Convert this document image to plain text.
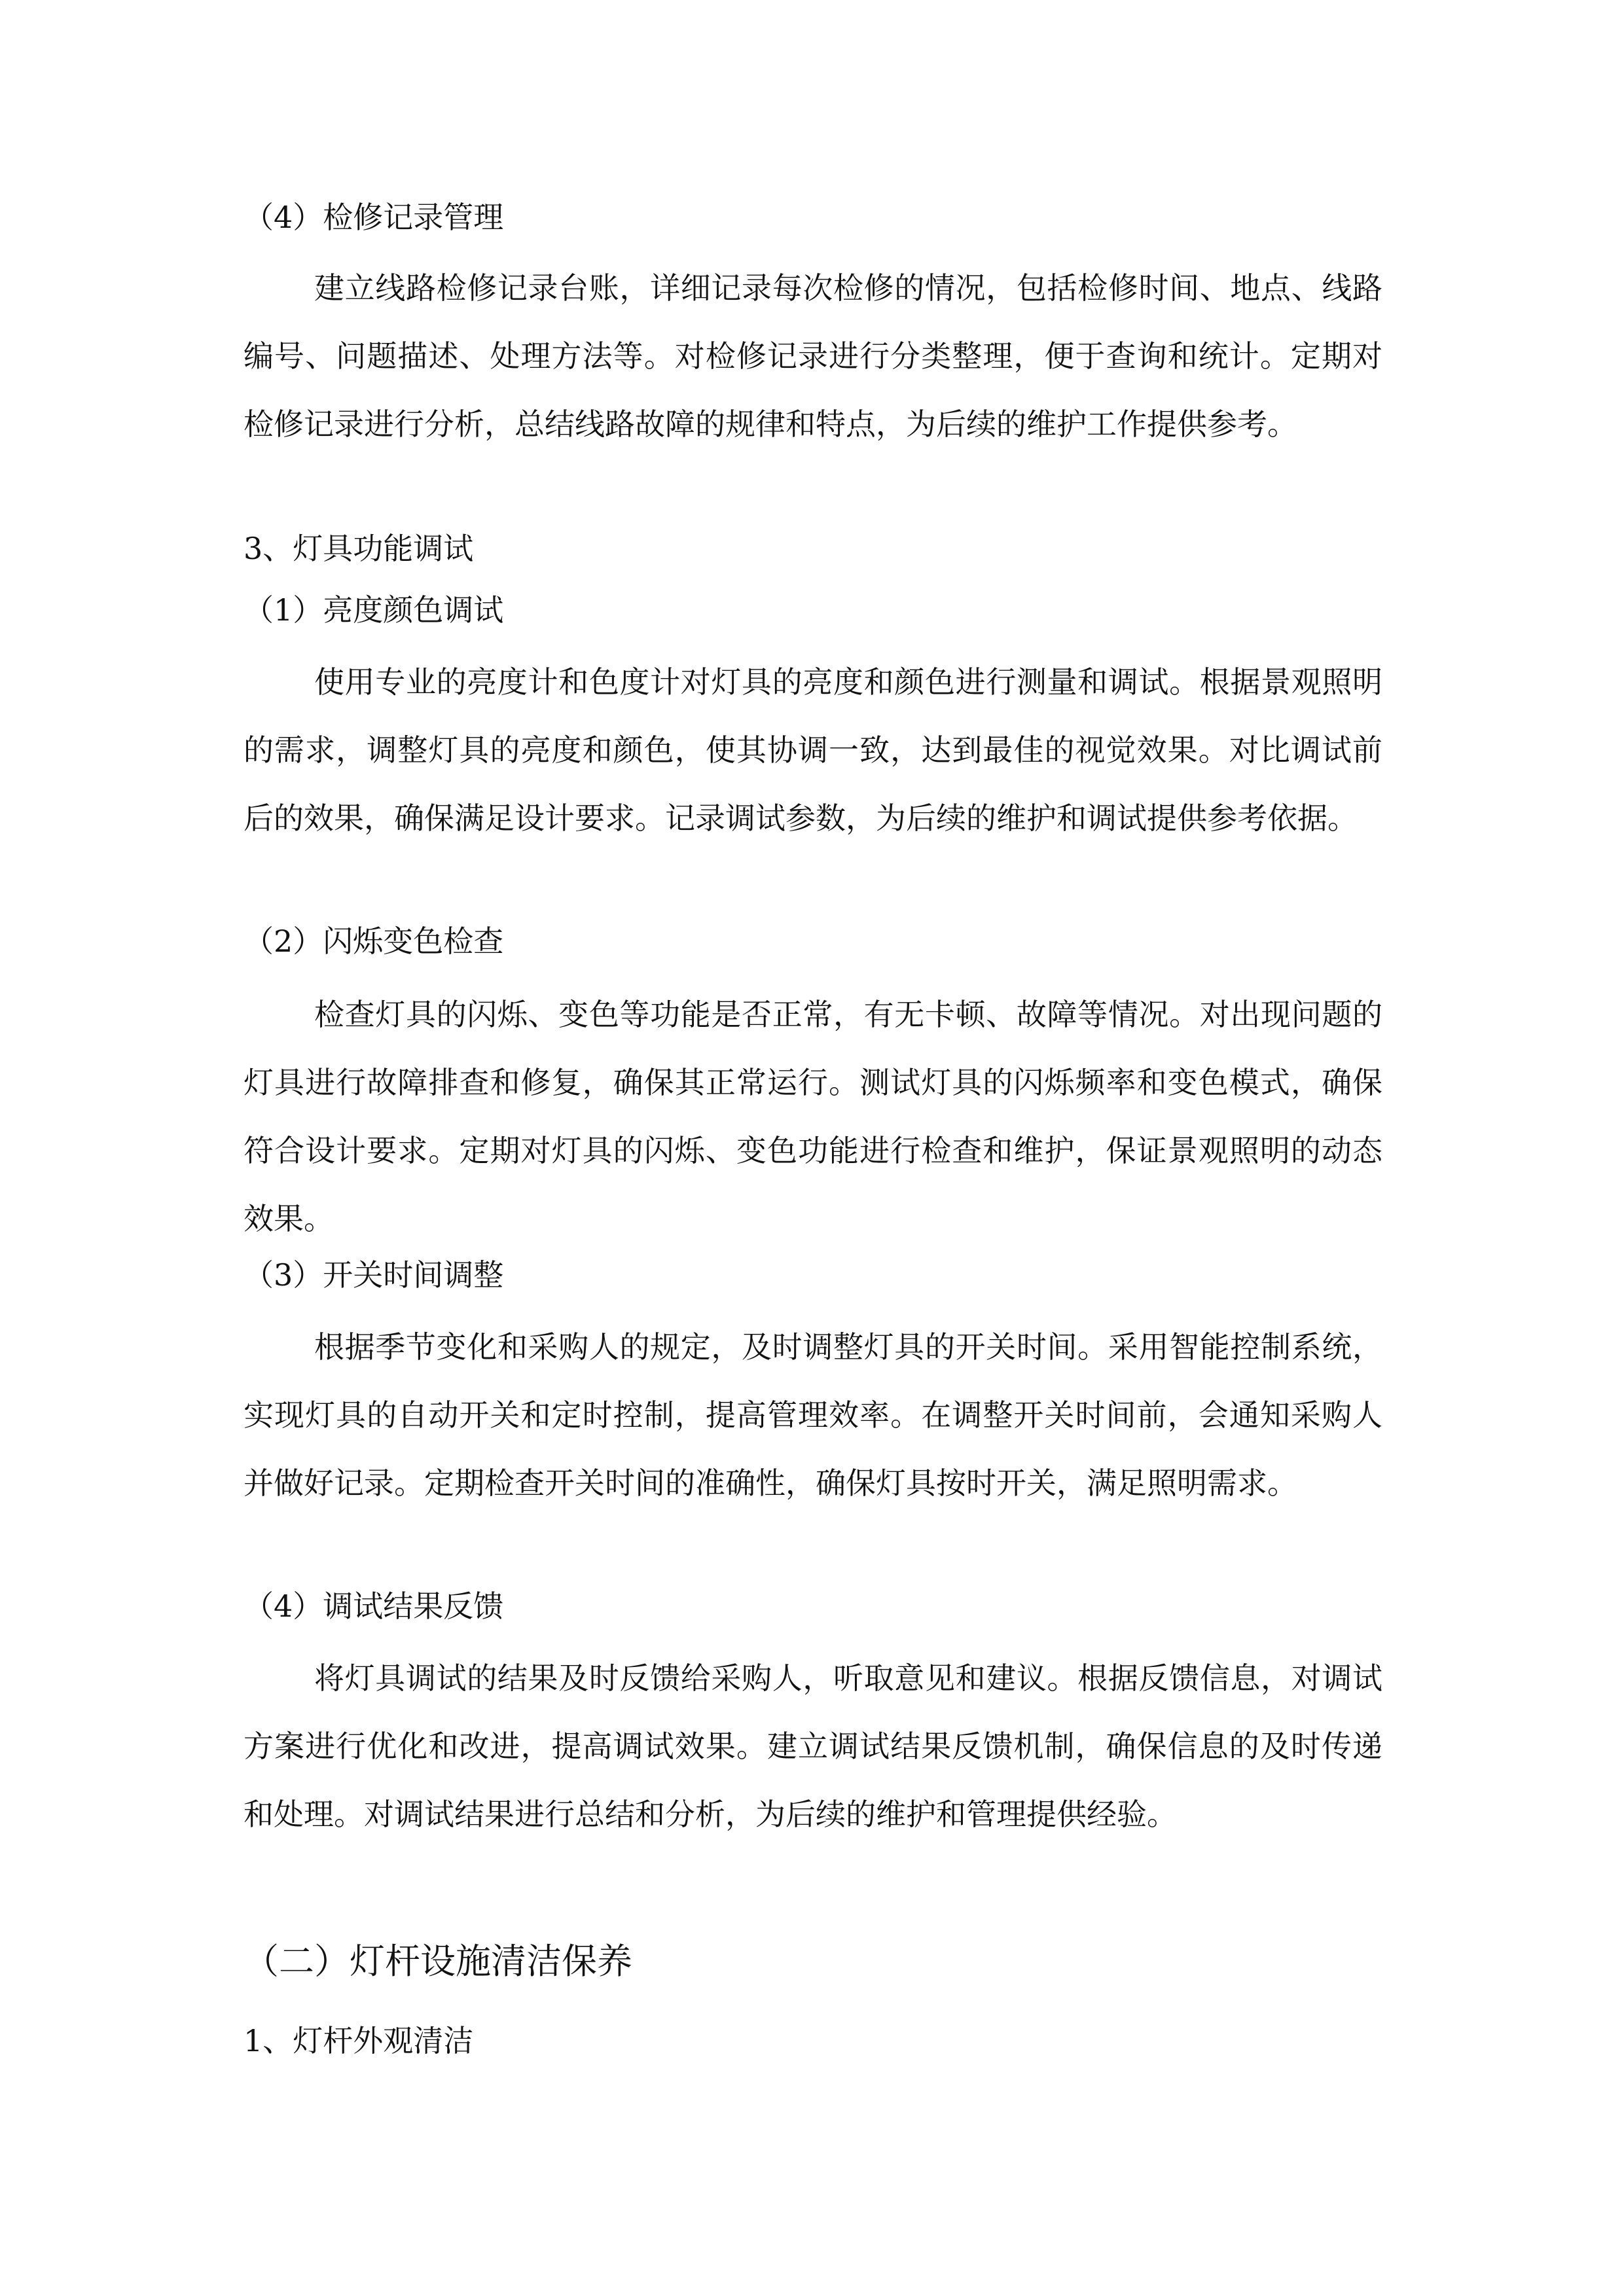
（4）检修记录管理

建立线路检修记录台账，详细记录每次检修的情况，包括检修时间、地点、线路编号、问题描述、处理方法等。对检修记录进行分类整理，便于查询和统计。定期对检修记录进行分析，总结线路故障的规律和特点，为后续的维护工作提供参考。

3、灯具功能调试
（1）亮度颜色调试

使用专业的亮度计和色度计对灯具的亮度和颜色进行测量和调试。根据景观照明的需求，调整灯具的亮度和颜色，使其协调一致，达到最佳的视觉效果。对比调试前后的效果，确保满足设计要求。记录调试参数，为后续的维护和调试提供参考依据。

（2）闪烁变色检查

检查灯具的闪烁、变色等功能是否正常，有无卡顿、故障等情况。对出现问题的灯具进行故障排查和修复，确保其正常运行。测试灯具的闪烁频率和变色模式，确保符合设计要求。定期对灯具的闪烁、变色功能进行检查和维护，保证景观照明的动态效果。

（3）开关时间调整

根据季节变化和采购人的规定，及时调整灯具的开关时间。采用智能控制系统，实现灯具的自动开关和定时控制，提高管理效率。在调整开关时间前，会通知采购人并做好记录。定期检查开关时间的准确性，确保灯具按时开关，满足照明需求。

（4）调试结果反馈

将灯具调试的结果及时反馈给采购人，听取意见和建议。根据反馈信息，对调试方案进行优化和改进，提高调试效果。建立调试结果反馈机制，确保信息的及时传递和处理。对调试结果进行总结和分析，为后续的维护和管理提供经验。

（二）灯杆设施清洁保养
1、灯杆外观清洁
